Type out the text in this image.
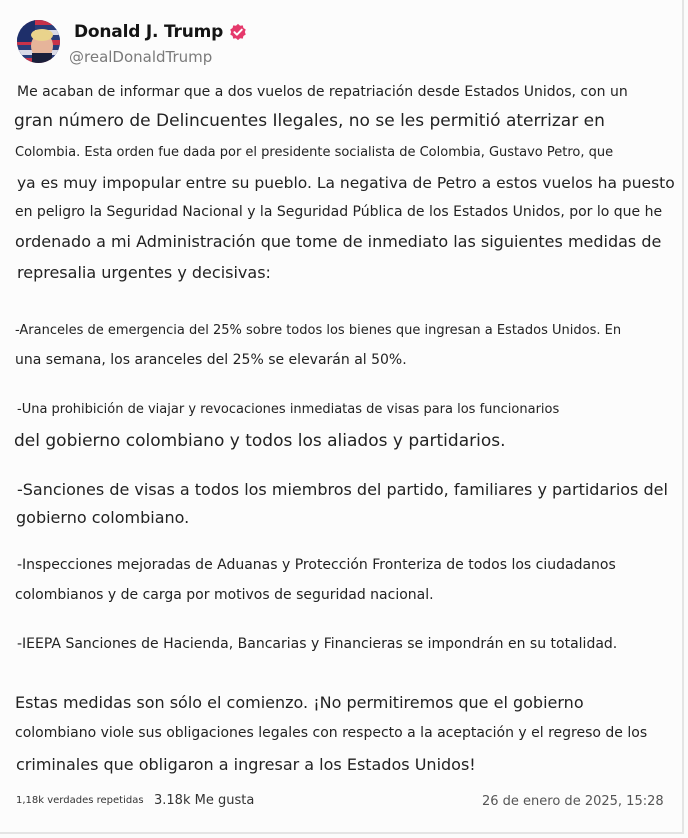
Donald J. Trump
@realDonaldTrump
Me acaban de informar que a dos vuelos de repatriación desde Estados Unidos, con un
gran número de Delincuentes Ilegales, no se les permitió aterrizar en
Colombia. Esta orden fue dada por el presidente socialista de Colombia, Gustavo Petro, que
ya es muy impopular entre su pueblo. La negativa de Petro a estos vuelos ha puesto
en peligro la Seguridad Nacional y la Seguridad Pública de los Estados Unidos, por lo que he
ordenado a mi Administración que tome de inmediato las siguientes medidas de
represalia urgentes y decisivas:
-Aranceles de emergencia del 25% sobre todos los bienes que ingresan a Estados Unidos. En
una semana, los aranceles del 25% se elevarán al 50%.
-Una prohibición de viajar y revocaciones inmediatas de visas para los funcionarios
del gobierno colombiano y todos los aliados y partidarios.
-Sanciones de visas a todos los miembros del partido, familiares y partidarios del
gobierno colombiano.
-Inspecciones mejoradas de Aduanas y Protección Fronteriza de todos los ciudadanos
colombianos y de carga por motivos de seguridad nacional.
-IEEPA Sanciones de Hacienda, Bancarias y Financieras se impondrán en su totalidad.
Estas medidas son sólo el comienzo. ¡No permitiremos que el gobierno
colombiano viole sus obligaciones legales con respecto a la aceptación y el regreso de los
criminales que obligaron a ingresar a los Estados Unidos!
1,18k verdades repetidas 3.18k Me gusta	26 de enero de 2025, 15:28
